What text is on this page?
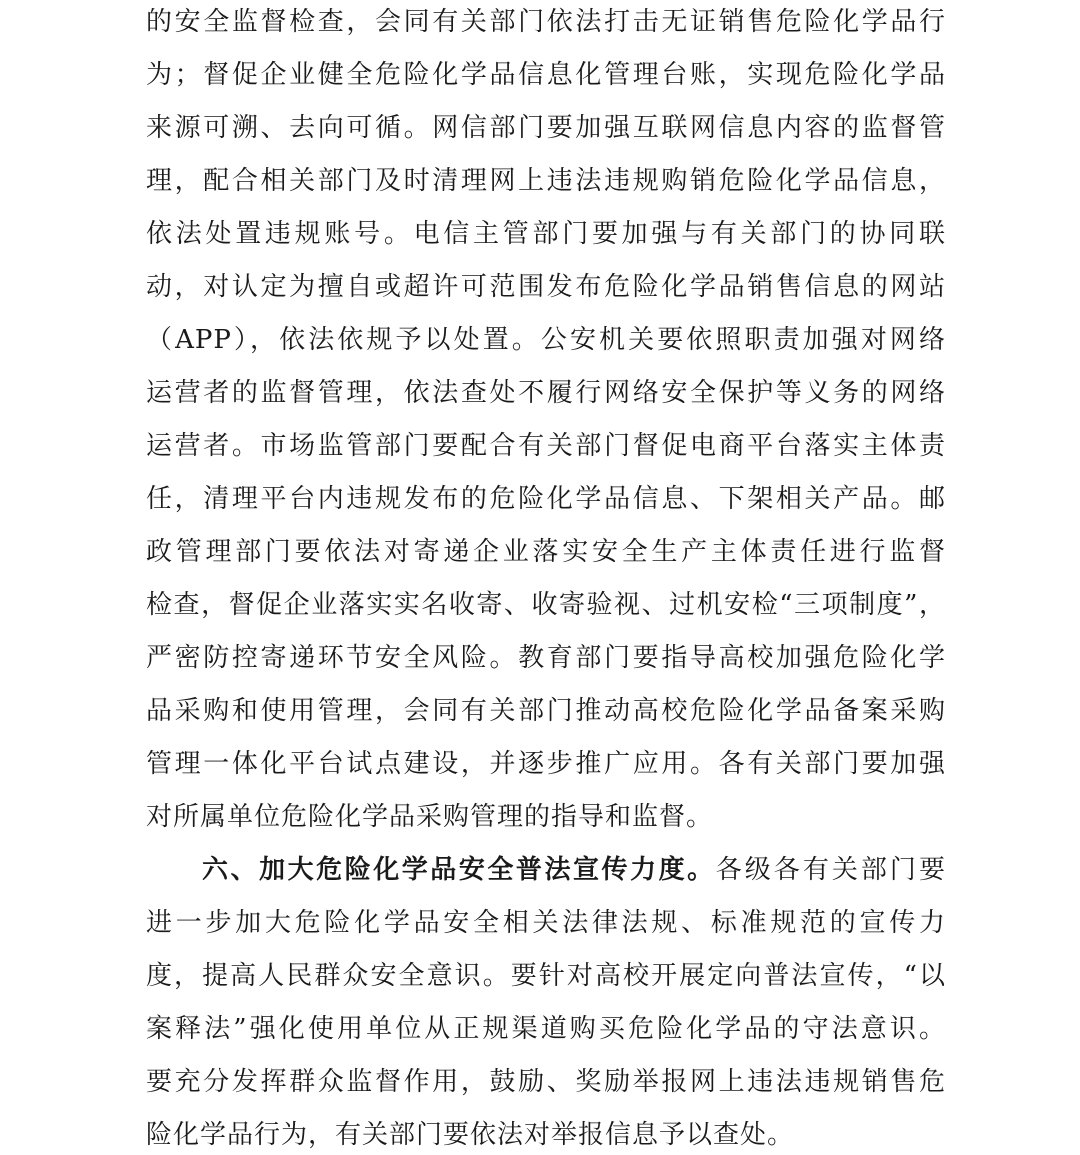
的安全监督检查，会同有关部门依法打击无证销售危险化学品行
为；督促企业健全危险化学品信息化管理台账，实现危险化学品
来源可溯、去向可循。网信部门要加强互联网信息内容的监督管
理，配合相关部门及时清理网上违法违规购销危险化学品信息，
依法处置违规账号。电信主管部门要加强与有关部门的协同联
动，对认定为擅自或超许可范围发布危险化学品销售信息的网站
（APP），依法依规予以处置。公安机关要依照职责加强对网络
运营者的监督管理，依法查处不履行网络安全保护等义务的网络
运营者。市场监管部门要配合有关部门督促电商平台落实主体责
任，清理平台内违规发布的危险化学品信息、下架相关产品。邮
政管理部门要依法对寄递企业落实安全生产主体责任进行监督
检查，督促企业落实实名收寄、收寄验视、过机安检“三项制度”，
严密防控寄递环节安全风险。教育部门要指导高校加强危险化学
品采购和使用管理，会同有关部门推动高校危险化学品备案采购
管理一体化平台试点建设，并逐步推广应用。各有关部门要加强
对所属单位危险化学品采购管理的指导和监督。
六、加大危险化学品安全普法宣传力度。各级各有关部门要
进一步加大危险化学品安全相关法律法规、标准规范的宣传力
度，提高人民群众安全意识。要针对高校开展定向普法宣传，“以
案释法”强化使用单位从正规渠道购买危险化学品的守法意识。
要充分发挥群众监督作用，鼓励、奖励举报网上违法违规销售危
险化学品行为，有关部门要依法对举报信息予以查处。
